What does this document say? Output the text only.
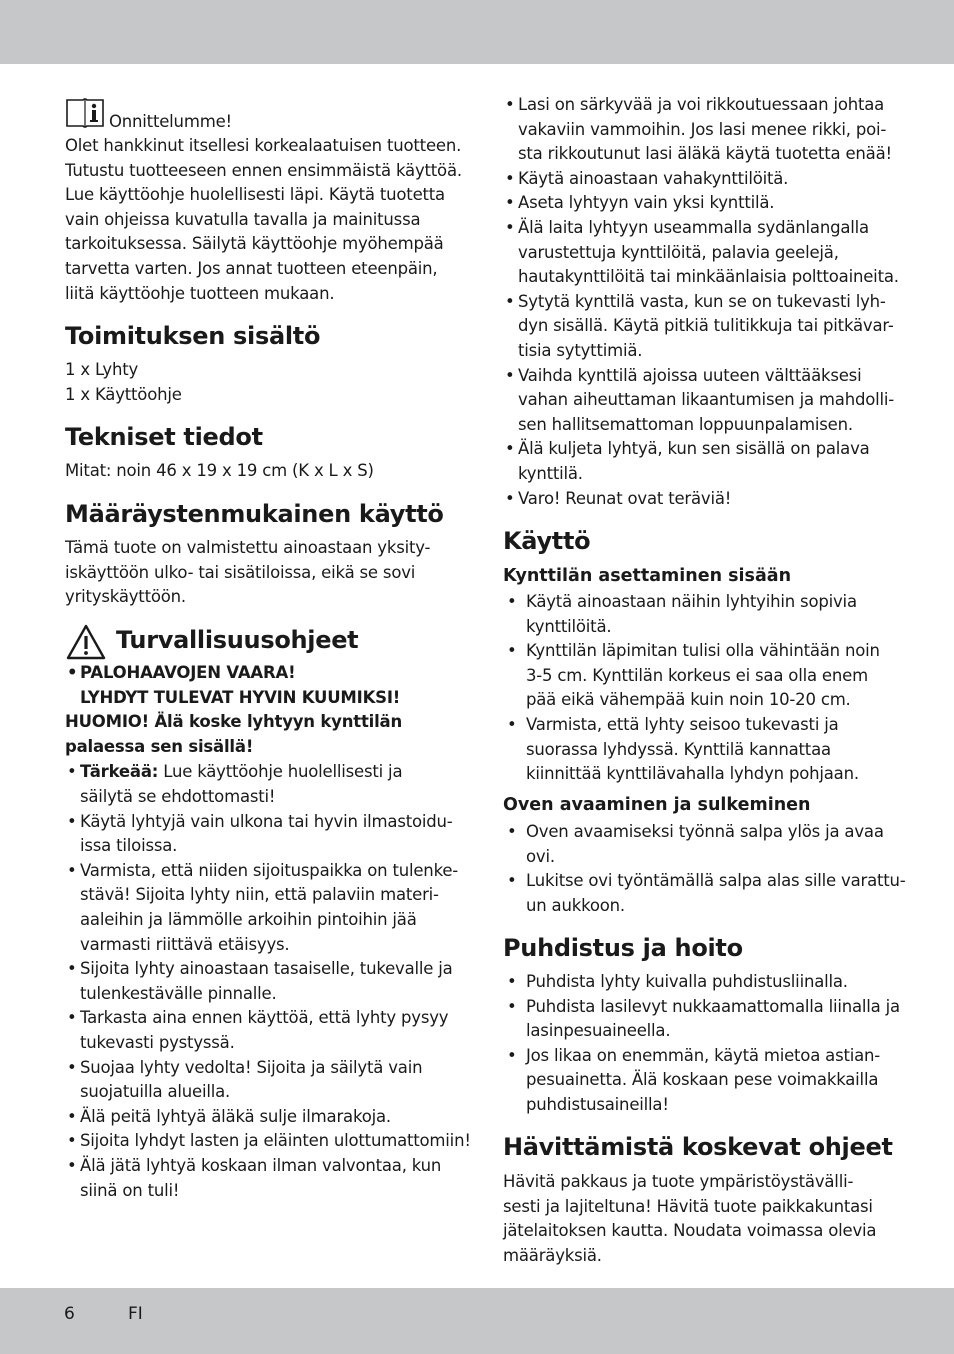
Onnittelumme!
Olet hankkinut itsellesi korkealaatuisen tuotteen.
Tutustu tuotteeseen ennen ensimmäistä käyttöä.
Lue käyttöohje huolellisesti läpi. Käytä tuotetta
vain ohjeissa kuvatulla tavalla ja mainitussa
tarkoituksessa. Säilytä käyttöohje myöhempää
tarvetta varten. Jos annat tuotteen eteenpäin,
liitä käyttöohje tuotteen mukaan.
Toimituksen sisältö
1 x Lyhty
1 x Käyttöohje
Tekniset tiedot
Mitat: noin 46 x 19 x 19 cm (K x L x S)
Määräystenmukainen käyttö
Tämä tuote on valmistettu ainoastaan yksity-
iskäyttöön ulko- tai sisätiloissa, eikä se sovi
yrityskäyttöön.
Turvallisuusohjeet
• PALOHAAVOJEN VAARA!
LYHDYT TULEVAT HYVIN KUUMIKSI!
HUOMIO! Älä koske lyhtyyn kynttilän
palaessa sen sisällä!
• Tärkeää: Lue käyttöohje huolellisesti ja
säilytä se ehdottomasti!
• Käytä lyhtyjä vain ulkona tai hyvin ilmastoidu-
issa tiloissa.
• Varmista, että niiden sijoituspaikka on tulenke-
stävä! Sijoita lyhty niin, että palaviin materi-
aaleihin ja lämmölle arkoihin pintoihin jää
varmasti riittävä etäisyys.
• Sijoita lyhty ainoastaan tasaiselle, tukevalle ja
tulenkestävälle pinnalle.
• Tarkasta aina ennen käyttöä, että lyhty pysyy
tukevasti pystyssä.
• Suojaa lyhty vedolta! Sijoita ja säilytä vain
suojatuilla alueilla.
• Älä peitä lyhtyä äläkä sulje ilmarakoja.
• Sijoita lyhdyt lasten ja eläinten ulottumattomiin!
• Älä jätä lyhtyä koskaan ilman valvontaa, kun
siinä on tuli!
• Lasi on särkyvää ja voi rikkoutuessaan johtaa
vakaviin vammoihin. Jos lasi menee rikki, poi-
sta rikkoutunut lasi äläkä käytä tuotetta enää!
• Käytä ainoastaan vahakynttilöitä.
• Aseta lyhtyyn vain yksi kynttilä.
• Älä laita lyhtyyn useammalla sydänlangalla
varustettuja kynttilöitä, palavia geelejä,
hautakynttilöitä tai minkäänlaisia polttoaineita.
• Sytytä kynttilä vasta, kun se on tukevasti lyh-
dyn sisällä. Käytä pitkiä tulitikkuja tai pitkävar-
tisia sytyttimiä.
• Vaihda kynttilä ajoissa uuteen välttääksesi
vahan aiheuttaman likaantumisen ja mahdolli-
sen hallitsemattoman loppuunpalamisen.
• Älä kuljeta lyhtyä, kun sen sisällä on palava
kynttilä.
• Varo! Reunat ovat teräviä!
Käyttö
Kynttilän asettaminen sisään
• Käytä ainoastaan näihin lyhtyihin sopivia
kynttilöitä.
• Kynttilän läpimitan tulisi olla vähintään noin
3-5 cm. Kynttilän korkeus ei saa olla enem
pää eikä vähempää kuin noin 10-20 cm.
• Varmista, että lyhty seisoo tukevasti ja
suorassa lyhdyssä. Kynttilä kannattaa
kiinnittää kynttilävahalla lyhdyn pohjaan.
Oven avaaminen ja sulkeminen
• Oven avaamiseksi työnnä salpa ylös ja avaa
ovi.
• Lukitse ovi työntämällä salpa alas sille varattu-
un aukkoon.
Puhdistus ja hoito
• Puhdista lyhty kuivalla puhdistusliinalla.
• Puhdista lasilevyt nukkaamattomalla liinalla ja
lasinpesuaineella.
• Jos likaa on enemmän, käytä mietoa astian-
pesuainetta. Älä koskaan pese voimakkailla
puhdistusaineilla!
Hävittämistä koskevat ohjeet
Hävitä pakkaus ja tuote ympäristöystävälli-
sesti ja lajiteltuna! Hävitä tuote paikkakuntasi
jätelaitoksen kautta. Noudata voimassa olevia
määräyksiä.
6	FI
